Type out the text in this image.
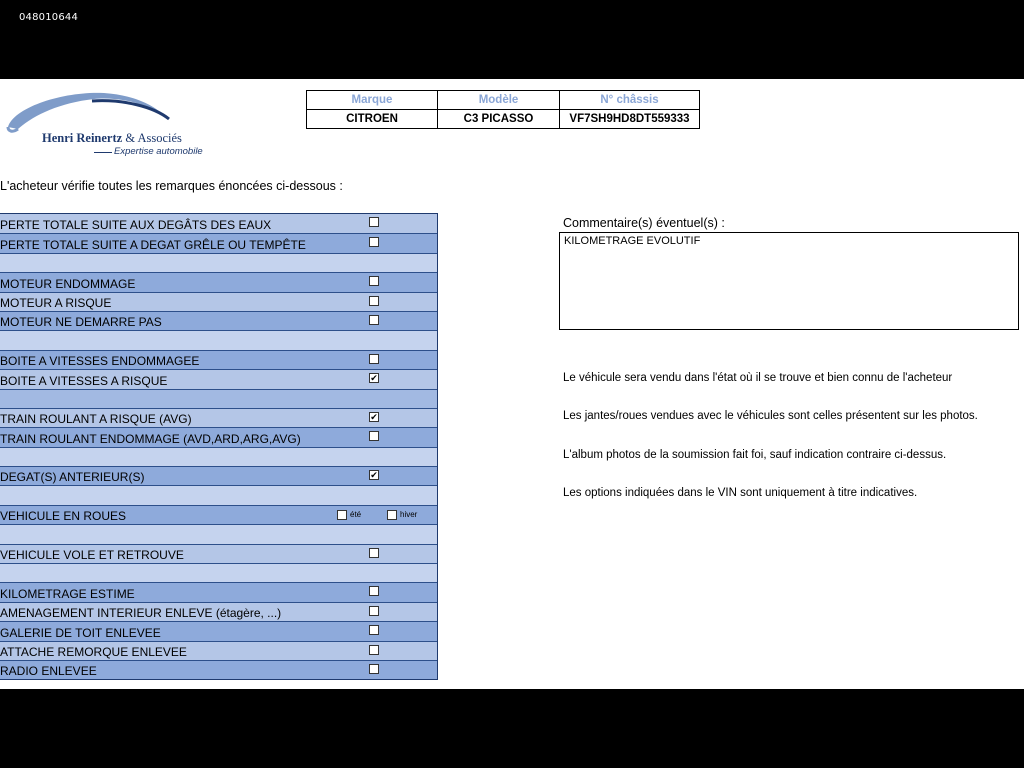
048010644
Henri Reinertz & Associés
Expertise automobile
Marque	Modèle	N° châssis
CITROEN	C3 PICASSO	VF7SH9HD8DT559333
L'acheteur vérifie toutes les remarques énoncées ci-dessous :
PERTE TOTALE SUITE AUX DEGÂTS DES EAUX
PERTE TOTALE SUITE A DEGAT GRÊLE OU TEMPÊTE
MOTEUR ENDOMMAGE
MOTEUR A RISQUE
MOTEUR NE DEMARRE PAS
BOITE A VITESSES ENDOMMAGEE
BOITE A VITESSES A RISQUE	✔
TRAIN ROULANT A RISQUE (AVG)	✔
TRAIN ROULANT ENDOMMAGE (AVD,ARD,ARG,AVG)
DEGAT(S) ANTERIEUR(S)	✔
VEHICULE EN ROUES	été	hiver
VEHICULE VOLE ET RETROUVE
KILOMETRAGE ESTIME
AMENAGEMENT INTERIEUR ENLEVE (étagère, ...)
GALERIE DE TOIT ENLEVEE
ATTACHE REMORQUE ENLEVEE
RADIO ENLEVEE
Commentaire(s) éventuel(s) :
KILOMETRAGE EVOLUTIF
Le véhicule sera vendu dans l'état où il se trouve et bien connu de l'acheteur
Les jantes/roues vendues avec le véhicules sont celles présentent sur les photos.
L'album photos de la soumission fait foi, sauf indication contraire ci-dessus.
Les options indiquées dans le VIN sont uniquement à titre indicatives.
